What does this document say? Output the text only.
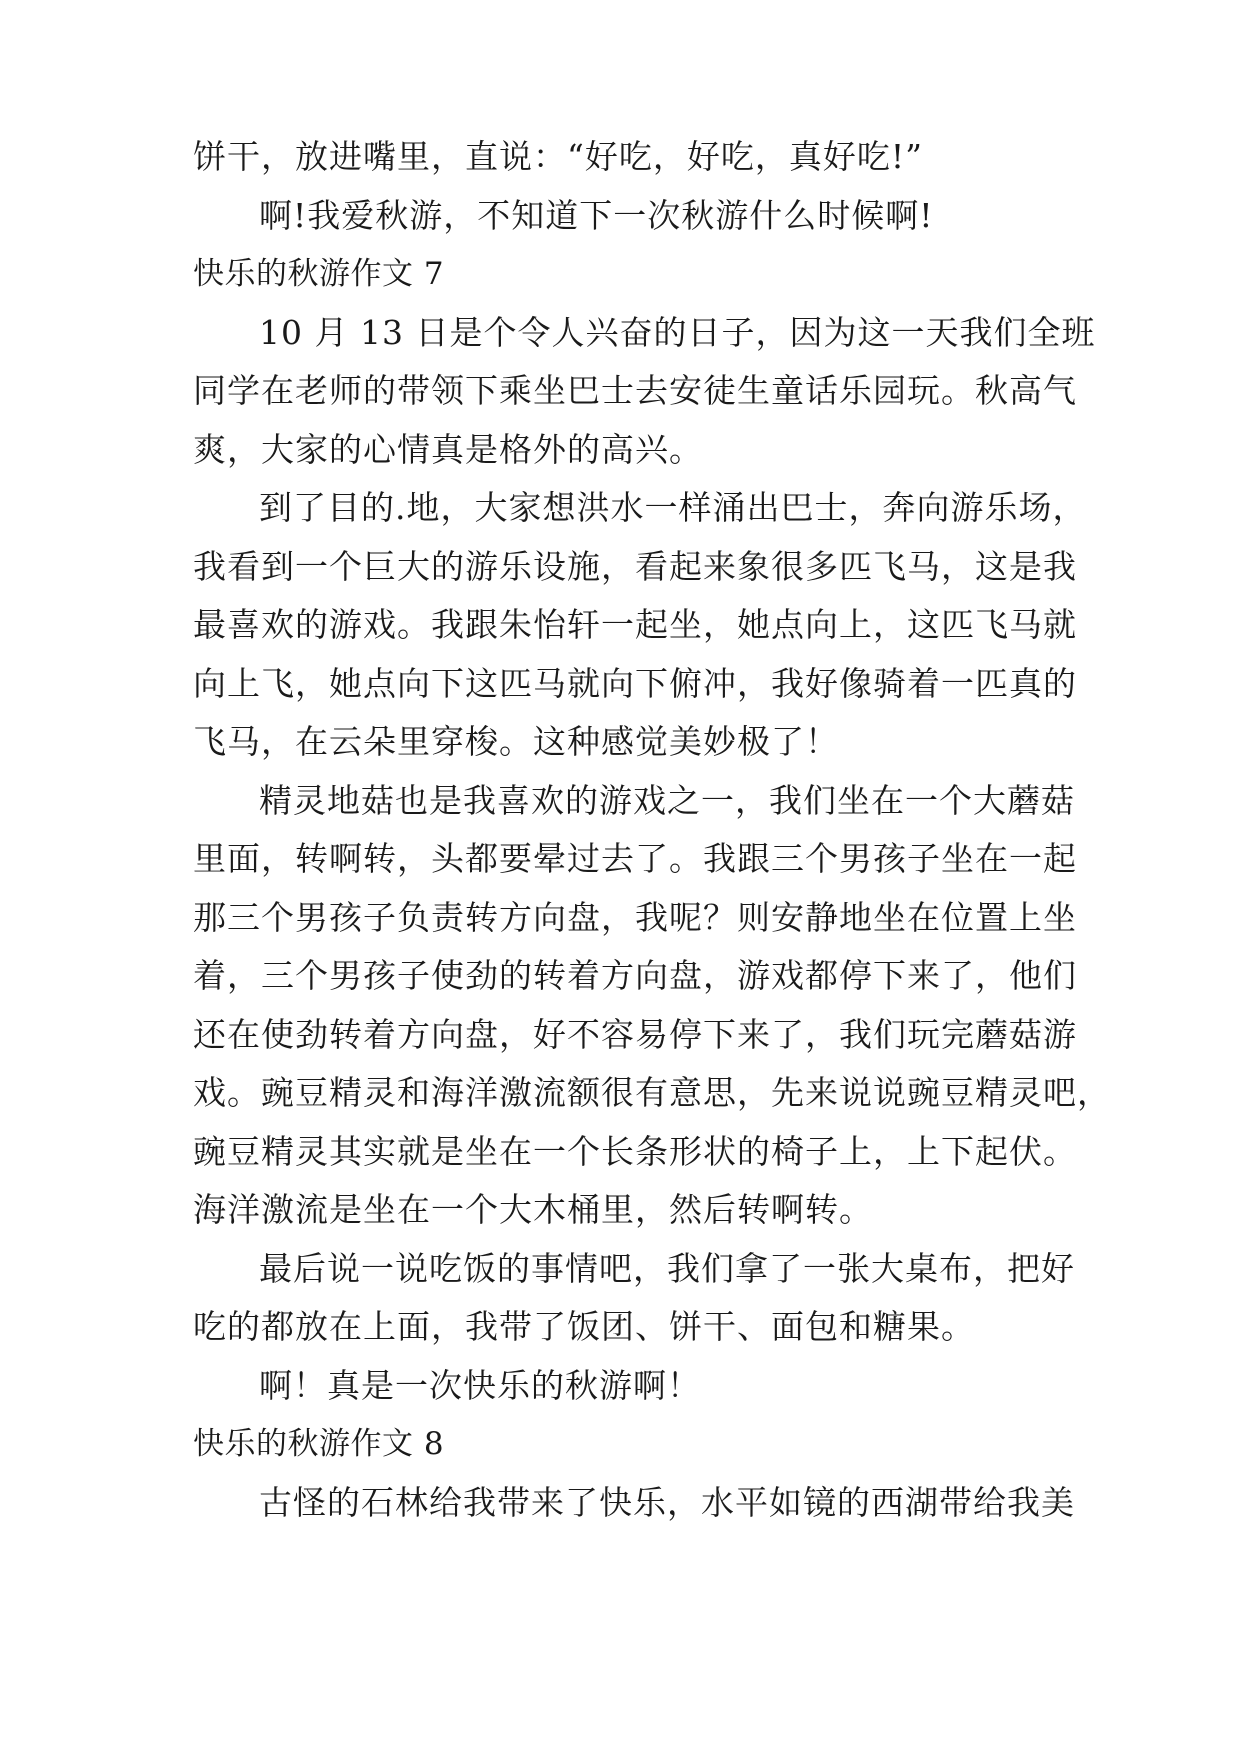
饼干，放进嘴里，直说：“好吃，好吃，真好吃!”
啊!我爱秋游，不知道下一次秋游什么时候啊!
快乐的秋游作文 7
10 月 13 日是个令人兴奋的日子，因为这一天我们全班
同学在老师的带领下乘坐巴士去安徒生童话乐园玩。秋高气
爽，大家的心情真是格外的高兴。
到了目的.地，大家想洪水一样涌出巴士，奔向游乐场，
我看到一个巨大的游乐设施，看起来象很多匹飞马，这是我
最喜欢的游戏。我跟朱怡轩一起坐，她点向上，这匹飞马就
向上飞，她点向下这匹马就向下俯冲，我好像骑着一匹真的
飞马，在云朵里穿梭。这种感觉美妙极了！
精灵地菇也是我喜欢的游戏之一，我们坐在一个大蘑菇
里面，转啊转，头都要晕过去了。我跟三个男孩子坐在一起
那三个男孩子负责转方向盘，我呢？则安静地坐在位置上坐
着，三个男孩子使劲的转着方向盘，游戏都停下来了，他们
还在使劲转着方向盘，好不容易停下来了，我们玩完蘑菇游
戏。豌豆精灵和海洋激流额很有意思，先来说说豌豆精灵吧，
豌豆精灵其实就是坐在一个长条形状的椅子上，上下起伏。
海洋激流是坐在一个大木桶里，然后转啊转。
最后说一说吃饭的事情吧，我们拿了一张大桌布，把好
吃的都放在上面，我带了饭团、饼干、面包和糖果。
啊！真是一次快乐的秋游啊！
快乐的秋游作文 8
古怪的石林给我带来了快乐，水平如镜的西湖带给我美
